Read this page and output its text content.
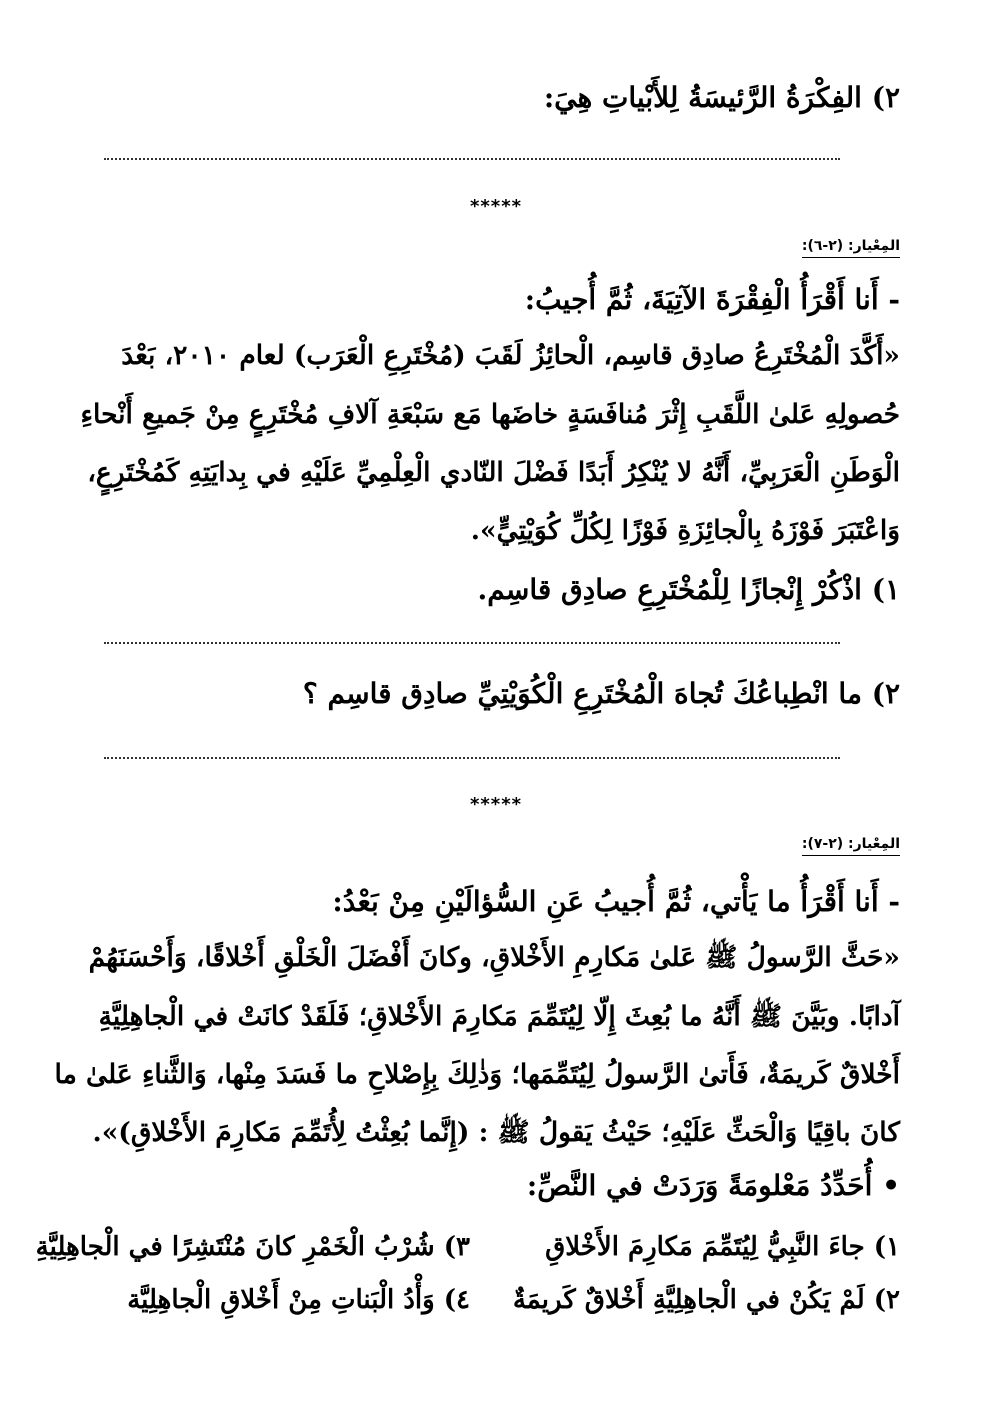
٢) الفِكْرَةُ الرَّئيسَةُ لِلأَبْياتِ هِيَ:
*****
المِعْيار: (٢-٦):
- أَنا أَقْرَأُ الْفِقْرَةَ الآتِيَةَ، ثُمَّ أُجيبُ:
«أَكَّدَ الْمُخْتَرِعُ صادِق قاسِم، الْحائِزُ لَقَبَ (مُخْتَرِعِ الْعَرَب) لعام ٢٠١٠، بَعْدَ
حُصولِهِ عَلىٰ اللَّقَبِ إِثْرَ مُنافَسَةٍ خاضَها مَع سَبْعَةِ آلافِ مُخْتَرِعٍ مِنْ جَميعِ أَنْحاءِ
الْوَطَنِ الْعَرَبِيِّ، أَنَّهُ لا يُنْكِرُ أَبَدًا فَضْلَ النّادي الْعِلْمِيِّ عَلَيْهِ في بِدايَتِهِ كَمُخْتَرِعٍ،
وَاعْتَبَرَ فَوْزَهُ بِالْجائِزَةِ فَوْزًا لِكُلِّ كُوَيْتِيٍّ».
١) اذْكُرْ إِنْجازًا لِلْمُخْتَرِعِ صادِق قاسِم.
٢) ما انْطِباعُكَ تُجاهَ الْمُخْتَرِعِ الْكُوَيْتِيِّ صادِق قاسِم ؟
*****
المِعْيار: (٢-٧):
- أَنا أَقْرَأُ ما يَأْتي، ثُمَّ أُجيبُ عَنِ السُّؤالَيْنِ مِنْ بَعْدُ:
«حَثَّ الرَّسولُ ﷺ عَلىٰ مَكارِمِ الأَخْلاقِ، وكانَ أَفْضَلَ الْخَلْقِ أَخْلاقًا، وَأَحْسَنَهُمْ
آدابًا. وبَيَّنَ ﷺ أَنَّهُ ما بُعِثَ إِلّا لِيُتَمِّمَ مَكارِمَ الأَخْلاقِ؛ فَلَقَدْ كانَتْ في الْجاهِلِيَّةِ
أَخْلاقٌ كَريمَةٌ، فَأَتىٰ الرَّسولُ لِيُتَمِّمَها؛ وَذٰلِكَ بِإِصْلاحِ ما فَسَدَ مِنْها، وَالثَّناءِ عَلىٰ ما
كانَ باقِيًا وَالْحَثِّ عَلَيْهِ؛ حَيْثُ يَقولُ ﷺ : (إِنَّما بُعِثْتُ لِأُتَمِّمَ مَكارِمَ الأَخْلاقِ)».
• أُحَدِّدُ مَعْلومَةً وَرَدَتْ في النَّصِّ:
١) جاءَ النَّبِيُّ لِيُتَمِّمَ مَكارِمَ الأَخْلاقِ
٣) شُرْبُ الْخَمْرِ كانَ مُنْتَشِرًا في الْجاهِلِيَّةِ
٢) لَمْ يَكُنْ في الْجاهِلِيَّةِ أَخْلاقٌ كَريمَةٌ
٤) وَأْدُ الْبَناتِ مِنْ أَخْلاقِ الْجاهِلِيَّة
